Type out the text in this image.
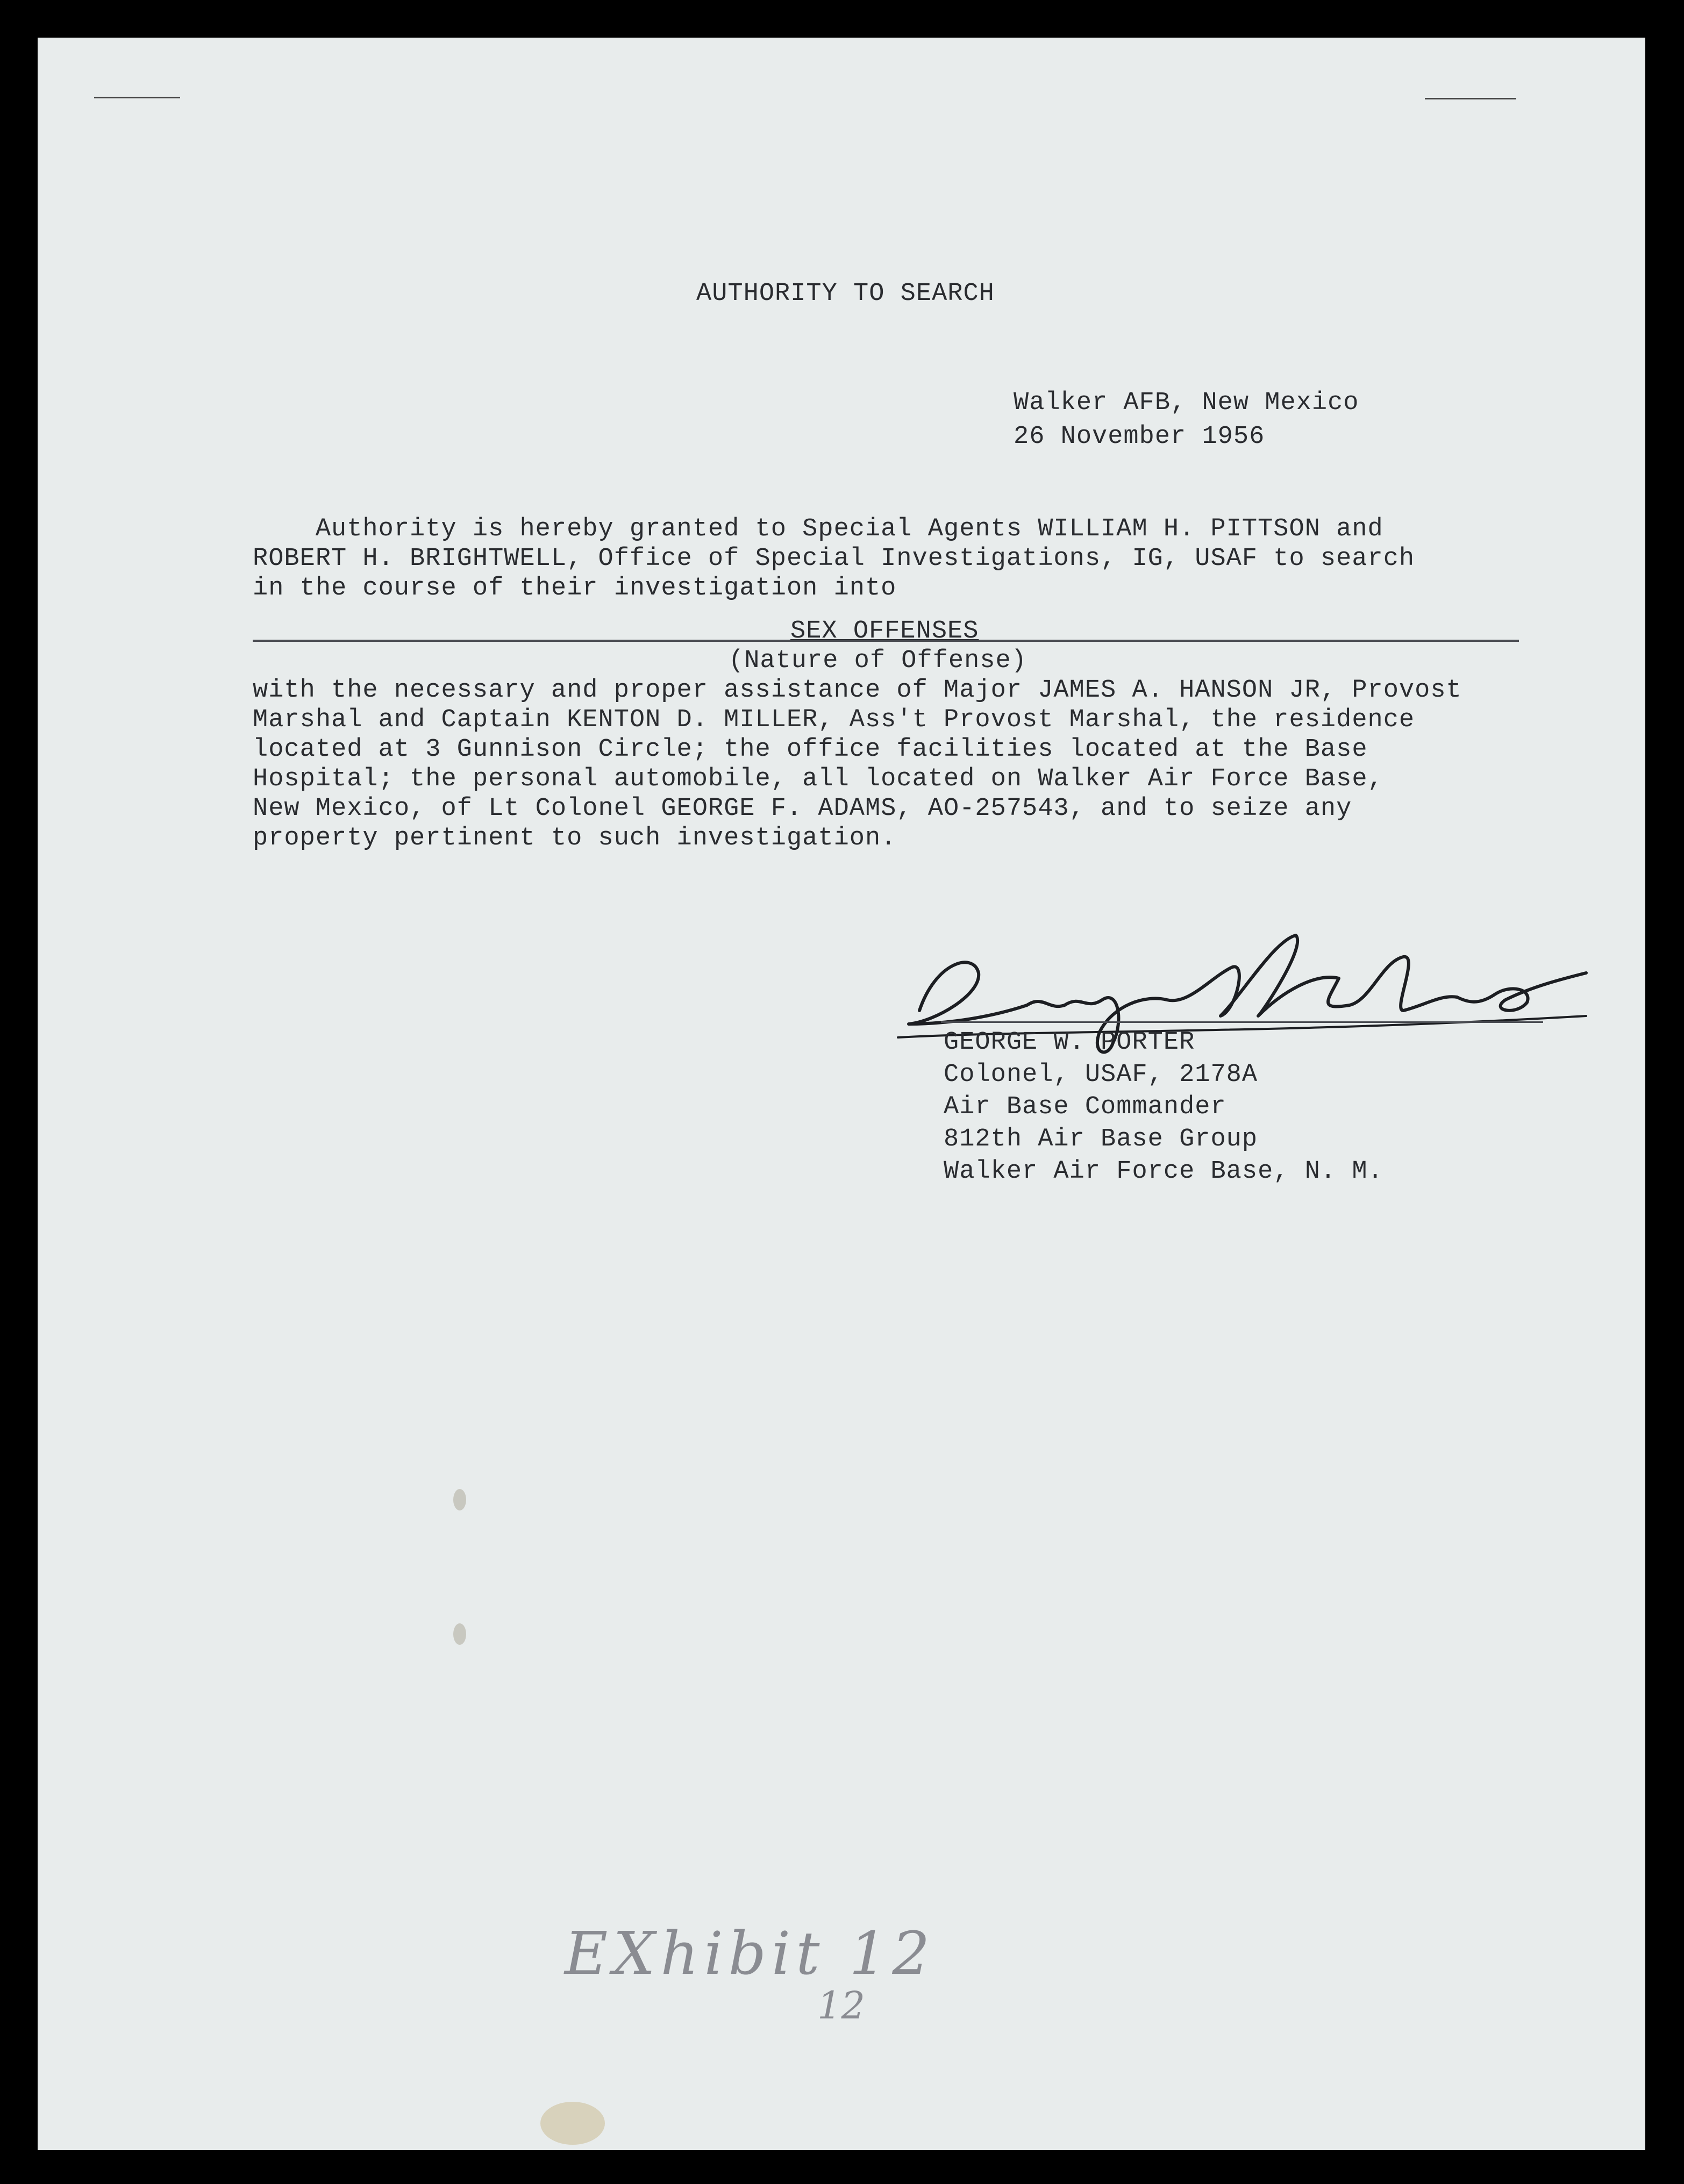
AUTHORITY TO SEARCH
Walker AFB, New Mexico
26 November 1956
Authority is hereby granted to Special Agents WILLIAM H. PITTSON and
ROBERT H. BRIGHTWELL, Office of Special Investigations, IG, USAF to search
in the course of their investigation into
SEX OFFENSES
(Nature of Offense)
with the necessary and proper assistance of Major JAMES A. HANSON JR, Provost
Marshal and Captain KENTON D. MILLER, Ass't Provost Marshal, the residence
located at 3 Gunnison Circle; the office facilities located at the Base
Hospital; the personal automobile, all located on Walker Air Force Base,
New Mexico, of Lt Colonel GEORGE F. ADAMS, AO-257543, and to seize any
property pertinent to such investigation.
GEORGE W. PORTER
Colonel, USAF, 2178A
Air Base Commander
812th Air Base Group
Walker Air Force Base, N. M.
EXhibit 12
12
